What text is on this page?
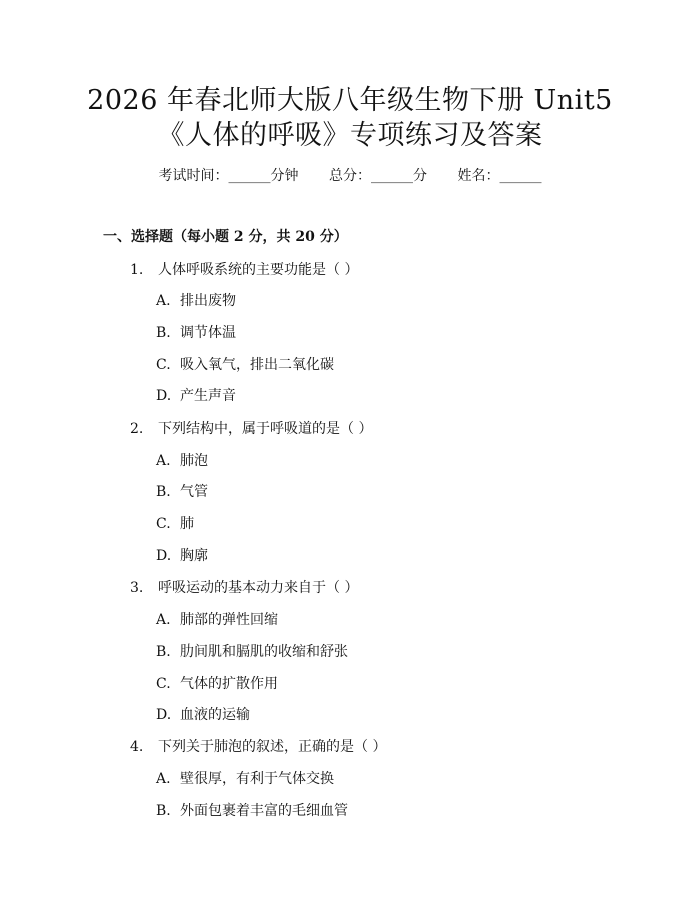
2026 年春北师大版八年级生物下册 Unit5
《人体的呼吸》专项练习及答案
考试时间：______分钟 总分：______分 姓名：______
一、选择题（每小题 2 分，共 20 分）
1. 人体呼吸系统的主要功能是（ ）
A. 排出废物
B. 调节体温
C. 吸入氧气，排出二氧化碳
D. 产生声音
2. 下列结构中，属于呼吸道的是（ ）
A. 肺泡
B. 气管
C. 肺
D. 胸廓
3. 呼吸运动的基本动力来自于（ ）
A. 肺部的弹性回缩
B. 肋间肌和膈肌的收缩和舒张
C. 气体的扩散作用
D. 血液的运输
4. 下列关于肺泡的叙述，正确的是（ ）
A. 壁很厚，有利于气体交换
B. 外面包裹着丰富的毛细血管
